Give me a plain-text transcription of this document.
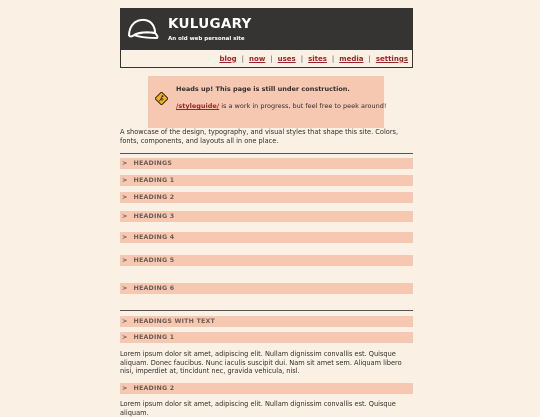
KULUGARY
An old web personal site
blog | now | uses | sites | media | settings
Heads up! This page is still under construction.
/styleguide/ is a work in progress, but feel free to peek around!

A showcase of the design, typography, and visual styles that shape this site. Colors, fonts, components, and layouts all in one place.

> HEADINGS
> HEADING 1
> HEADING 2
> HEADING 3
> HEADING 4
> HEADING 5
> HEADING 6
> HEADINGS WITH TEXT
> HEADING 1

Lorem ipsum dolor sit amet, adipiscing elit. Nullam dignissim convallis est. Quisque aliquam. Donec faucibus. Nunc iaculis suscipit dui. Nam sit amet sem. Aliquam libero nisi, imperdiet at, tincidunt nec, gravida vehicula, nisl.

> HEADING 2

Lorem ipsum dolor sit amet, adipiscing elit. Nullam dignissim convallis est. Quisque aliquam.
